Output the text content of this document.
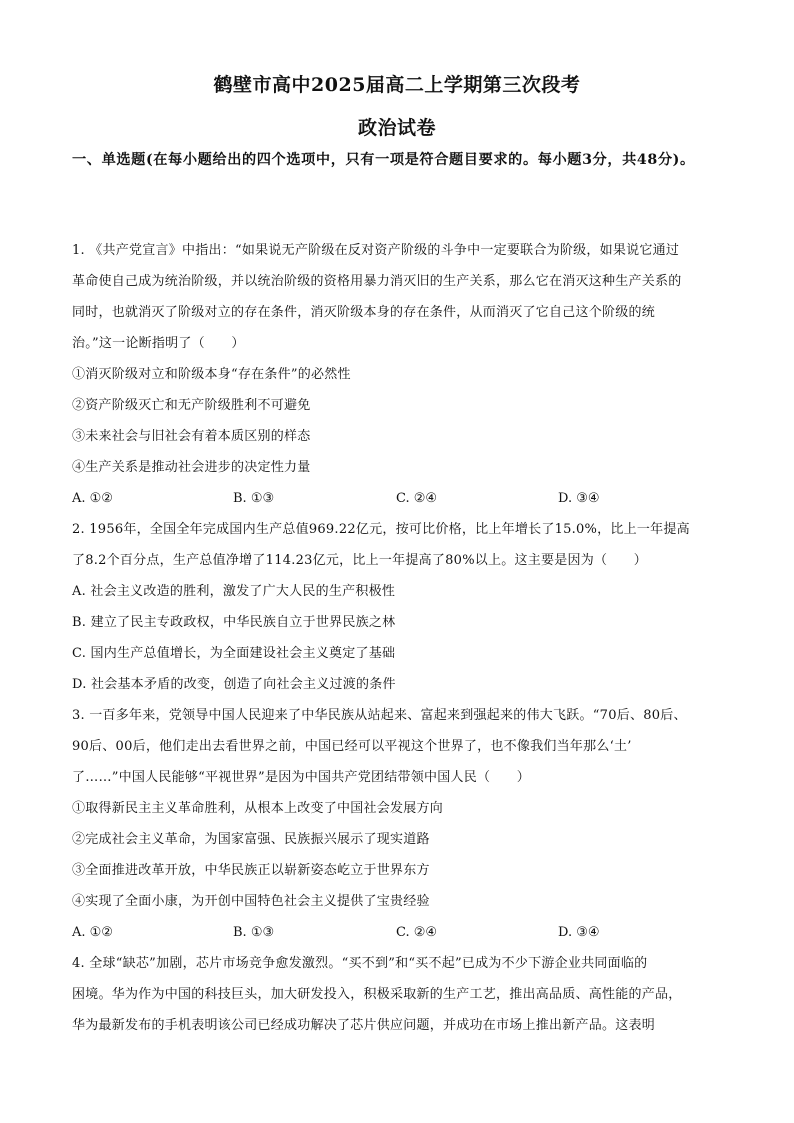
鹤壁市高中2025届高二上学期第三次段考
政治试卷
一、单选题(在每小题给出的四个选项中，只有一项是符合题目要求的。每小题3分，共48分)。
1. 《共产党宣言》中指出：“如果说无产阶级在反对资产阶级的斗争中一定要联合为阶级，如果说它通过
革命使自己成为统治阶级，并以统治阶级的资格用暴力消灭旧的生产关系，那么它在消灭这种生产关系的
同时，也就消灭了阶级对立的存在条件，消灭阶级本身的存在条件，从而消灭了它自己这个阶级的统
治。”这一论断指明了（　　）
①消灭阶级对立和阶级本身“存在条件”的必然性
②资产阶级灭亡和无产阶级胜利不可避免
③未来社会与旧社会有着本质区别的样态
④生产关系是推动社会进步的决定性力量
A. ①②	B. ①③	C. ②④	D. ③④
2. 1956年，全国全年完成国内生产总值969.22亿元，按可比价格，比上年增长了15.0%，比上一年提高
了8.2个百分点，生产总值净增了114.23亿元，比上一年提高了80%以上。这主要是因为（　　）
A. 社会主义改造的胜利，激发了广大人民的生产积极性
B. 建立了民主专政政权，中华民族自立于世界民族之林
C. 国内生产总值增长，为全面建设社会主义奠定了基础
D. 社会基本矛盾的改变，创造了向社会主义过渡的条件
3. 一百多年来，党领导中国人民迎来了中华民族从站起来、富起来到强起来的伟大飞跃。“70后、80后、
90后、00后，他们走出去看世界之前，中国已经可以平视这个世界了，也不像我们当年那么‘土’
了……”中国人民能够“平视世界”是因为中国共产党团结带领中国人民（　　）
①取得新民主主义革命胜利，从根本上改变了中国社会发展方向
②完成社会主义革命，为国家富强、民族振兴展示了现实道路
③全面推进改革开放，中华民族正以崭新姿态屹立于世界东方
④实现了全面小康，为开创中国特色社会主义提供了宝贵经验
A. ①②	B. ①③	C. ②④	D. ③④
4. 全球“缺芯”加剧，芯片市场竞争愈发激烈。“买不到”和“买不起”已成为不少下游企业共同面临的
困境。华为作为中国的科技巨头，加大研发投入，积极采取新的生产工艺，推出高品质、高性能的产品，
华为最新发布的手机表明该公司已经成功解决了芯片供应问题，并成功在市场上推出新产品。这表明
